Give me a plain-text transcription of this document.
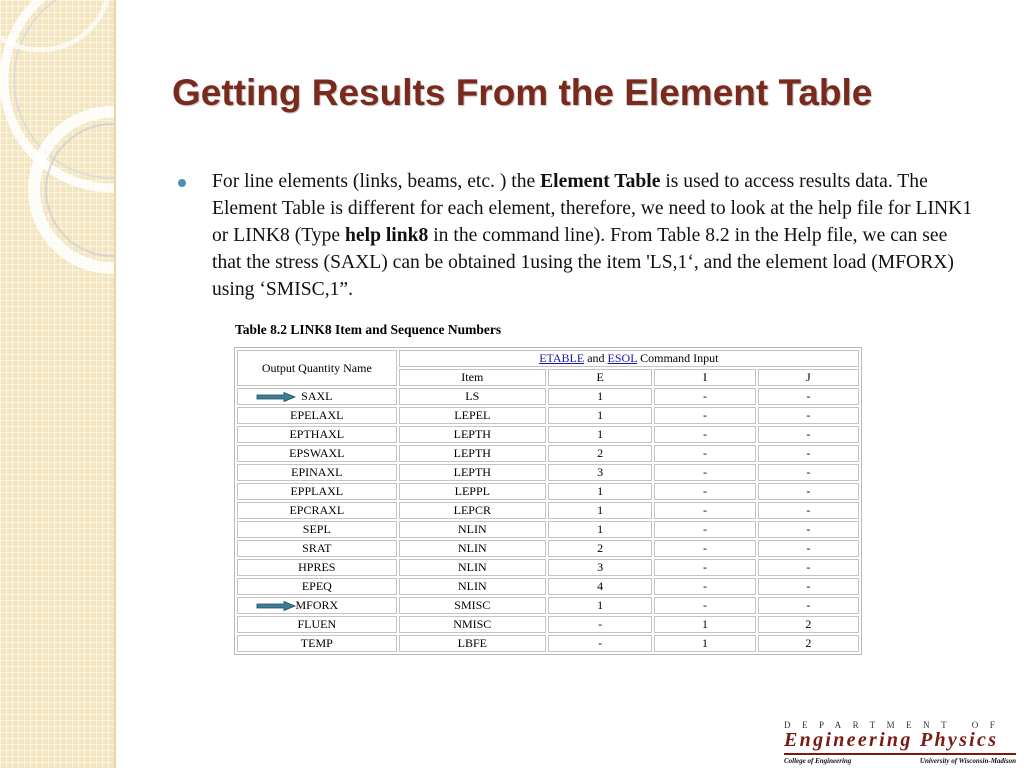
Getting Results From the Element Table

For line elements (links, beams, etc. ) the Element Table is used to access results data. The Element Table is different for each element, therefore, we need to look at the help file for LINK1 or LINK8 (Type help link8 in the command line). From Table 8.2 in the Help file, we can see that the stress (SAXL) can be obtained 1using the item 'LS,1‘, and the element load (MFORX) using ‘SMISC,1”.

Table 8.2 LINK8 Item and Sequence Numbers
Output Quantity Name	ETABLE and ESOL Command Input			
	Item	E	I	J

SAXL	LS	1	-	-
EPELAXL	LEPEL	1	-	-
EPTHAXL	LEPTH	1	-	-
EPSWAXL	LEPTH	2	-	-
EPINAXL	LEPTH	3	-	-
EPPLAXL	LEPPL	1	-	-
EPCRAXL	LEPCR	1	-	-
SEPL	NLIN	1	-	-
SRAT	NLIN	2	-	-
HPRES	NLIN	3	-	-
EPEQ	NLIN	4	-	-

MFORX	SMISC	1	-	-
FLUEN	NMISC	-	1	2
TEMP	LBFE	-	1	2
DEPARTMENT OF
Engineering Physics
College of Engineering	University of Wisconsin-Madison
